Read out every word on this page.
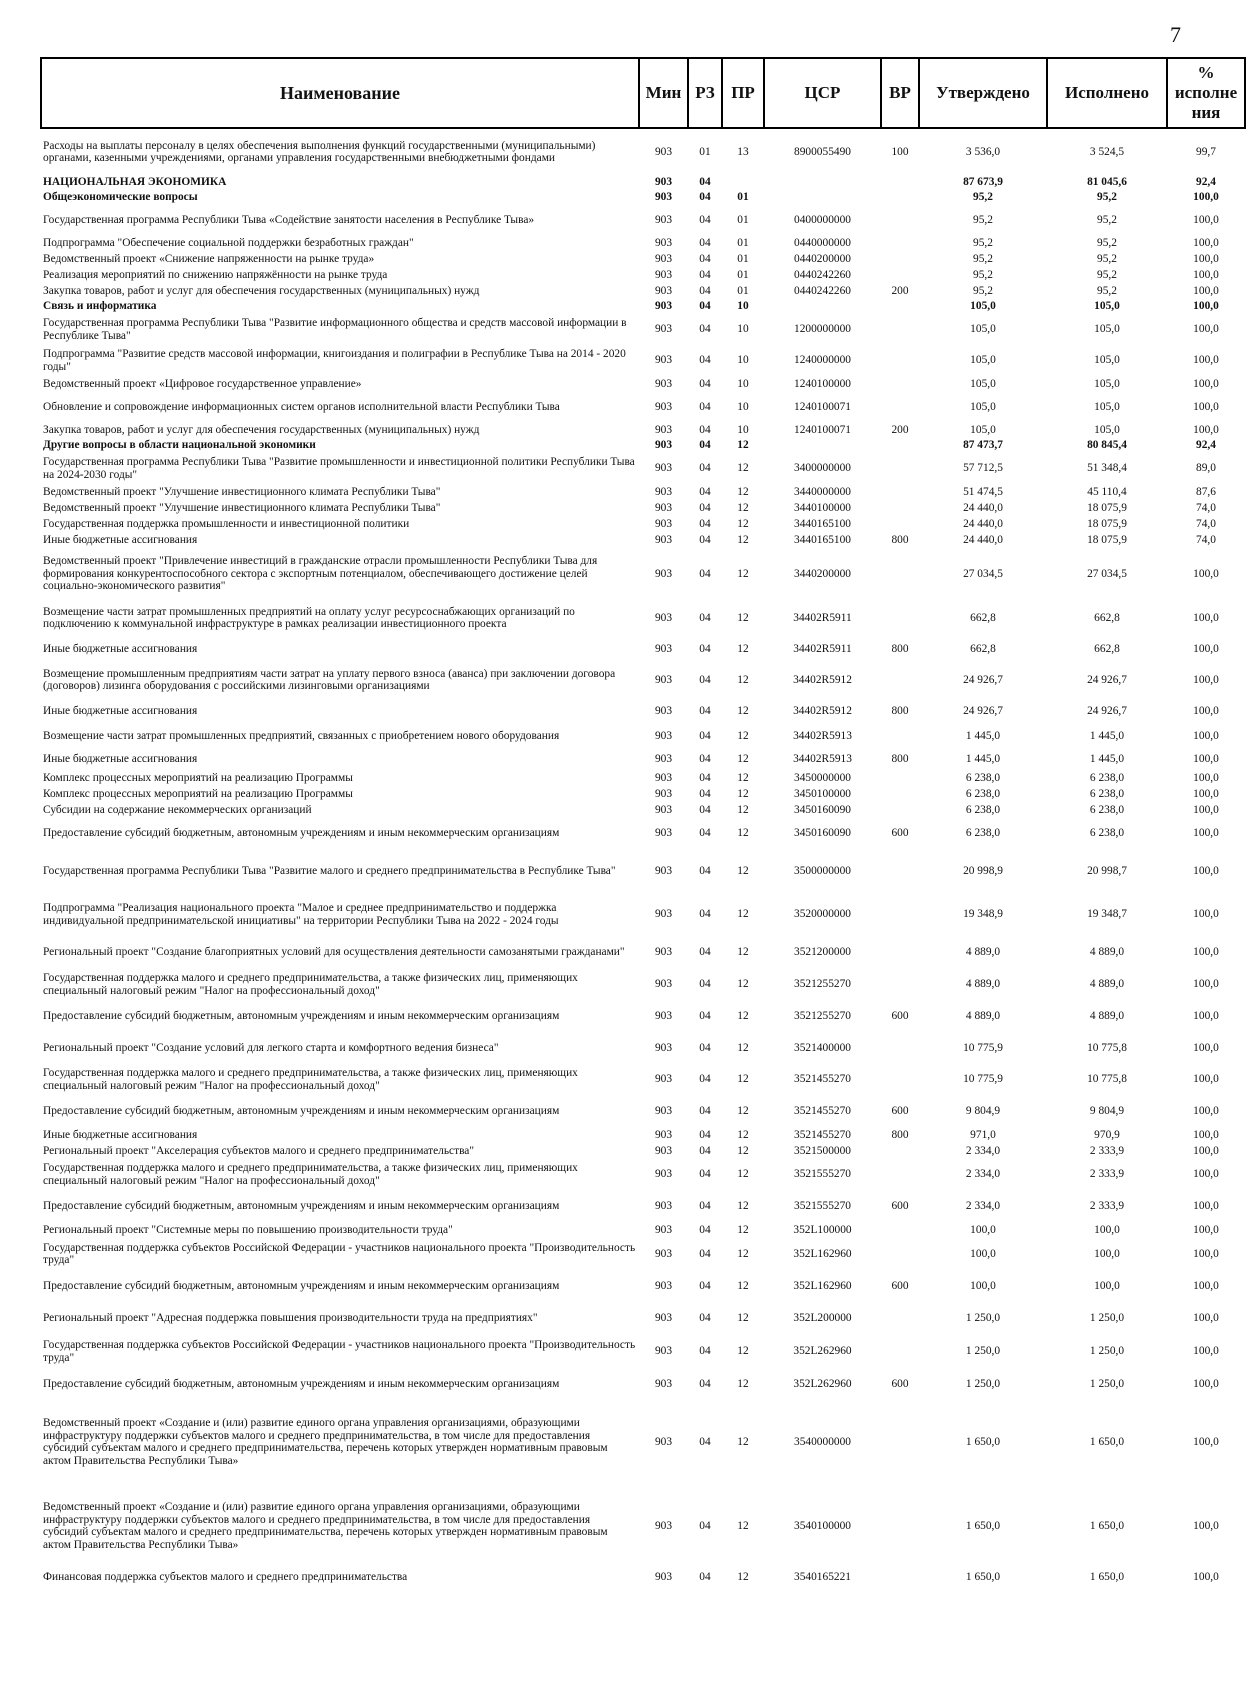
7
Наименование	Мин	РЗ	ПР	ЦСР	ВР	Утверждено	Исполнено	% исполне ния
Расходы на выплаты персоналу в целях обеспечения выполнения функций государственными (муниципальными) органами, казенными учреждениями, органами управления государственными внебюджетными фондами	903	01	13	8900055490	100	3 536,0	3 524,5	99,7
НАЦИОНАЛЬНАЯ ЭКОНОМИКА	903	04				87 673,9	81 045,6	92,4
Общеэкономические вопросы	903	04	01			95,2	95,2	100,0
Государственная программа Республики Тыва «Содействие занятости населения в Республике Тыва»	903	04	01	0400000000		95,2	95,2	100,0
Подпрограмма "Обеспечение социальной поддержки безработных граждан"	903	04	01	0440000000		95,2	95,2	100,0
Ведомственный проект «Снижение напряженности на рынке труда»	903	04	01	0440200000		95,2	95,2	100,0
Реализация мероприятий по снижению напряжённости на рынке труда	903	04	01	0440242260		95,2	95,2	100,0
Закупка товаров, работ и услуг для обеспечения государственных (муниципальных) нужд	903	04	01	0440242260	200	95,2	95,2	100,0
Связь и информатика	903	04	10			105,0	105,0	100,0
Государственная программа Республики Тыва "Развитие информационного общества и средств массовой информации в Республике Тыва"	903	04	10	1200000000		105,0	105,0	100,0
Подпрограмма "Развитие средств массовой информации, книгоиздания и полиграфии в Республике Тыва на 2014 - 2020 годы"	903	04	10	1240000000		105,0	105,0	100,0
Ведомственный проект «Цифровое государственное управление»	903	04	10	1240100000		105,0	105,0	100,0
Обновление и сопровождение информационных систем органов исполнительной власти Республики Тыва	903	04	10	1240100071		105,0	105,0	100,0
Закупка товаров, работ и услуг для обеспечения государственных (муниципальных) нужд	903	04	10	1240100071	200	105,0	105,0	100,0
Другие вопросы в области национальной экономики	903	04	12			87 473,7	80 845,4	92,4
Государственная программа Республики Тыва "Развитие промышленности и инвестиционной политики Республики Тыва на 2024-2030 годы"	903	04	12	3400000000		57 712,5	51 348,4	89,0
Ведомственный проект "Улучшение инвестиционного климата Республики Тыва"	903	04	12	3440000000		51 474,5	45 110,4	87,6
Ведомственный проект "Улучшение инвестиционного климата Республики Тыва"	903	04	12	3440100000		24 440,0	18 075,9	74,0
Государственная поддержка промышленности и инвестиционной политики	903	04	12	3440165100		24 440,0	18 075,9	74,0
Иные бюджетные ассигнования	903	04	12	3440165100	800	24 440,0	18 075,9	74,0
Ведомственный проект "Привлечение инвестиций в гражданские отрасли промышленности Республики Тыва для формирования конкурентоспособного сектора с экспортным потенциалом, обеспечивающего достижение целей социально-экономического развития"	903	04	12	3440200000		27 034,5	27 034,5	100,0
Возмещение части затрат промышленных предприятий на оплату услуг ресурсоснабжающих организаций по подключению к коммунальной инфраструктуре в рамках реализации инвестиционного проекта	903	04	12	34402R5911		662,8	662,8	100,0
Иные бюджетные ассигнования	903	04	12	34402R5911	800	662,8	662,8	100,0
Возмещение промышленным предприятиям части затрат на уплату первого взноса (аванса) при заключении договора (договоров) лизинга оборудования с российскими лизинговыми организациями	903	04	12	34402R5912		24 926,7	24 926,7	100,0
Иные бюджетные ассигнования	903	04	12	34402R5912	800	24 926,7	24 926,7	100,0
Возмещение части затрат промышленных предприятий, связанных с приобретением нового оборудования	903	04	12	34402R5913		1 445,0	1 445,0	100,0
Иные бюджетные ассигнования	903	04	12	34402R5913	800	1 445,0	1 445,0	100,0
Комплекс процессных мероприятий на реализацию Программы	903	04	12	3450000000		6 238,0	6 238,0	100,0
Комплекс процессных мероприятий на реализацию Программы	903	04	12	3450100000		6 238,0	6 238,0	100,0
Субсидии на содержание некоммерческих организаций	903	04	12	3450160090		6 238,0	6 238,0	100,0
Предоставление субсидий бюджетным, автономным учреждениям и иным некоммерческим организациям	903	04	12	3450160090	600	6 238,0	6 238,0	100,0
Государственная программа Республики Тыва "Развитие малого и среднего предпринимательства в Республике Тыва"	903	04	12	3500000000		20 998,9	20 998,7	100,0
Подпрограмма "Реализация национального проекта "Малое и среднее предпринимательство и поддержка индивидуальной предпринимательской инициативы" на территории Республики Тыва на 2022 - 2024 годы	903	04	12	3520000000		19 348,9	19 348,7	100,0
Региональный проект "Создание благоприятных условий для осуществления деятельности самозанятыми гражданами"	903	04	12	3521200000		4 889,0	4 889,0	100,0
Государственная поддержка малого и среднего предпринимательства, а также физических лиц, применяющих специальный налоговый режим "Налог на профессиональный доход"	903	04	12	3521255270		4 889,0	4 889,0	100,0
Предоставление субсидий бюджетным, автономным учреждениям и иным некоммерческим организациям	903	04	12	3521255270	600	4 889,0	4 889,0	100,0
Региональный проект "Создание условий для легкого старта и комфортного ведения бизнеса"	903	04	12	3521400000		10 775,9	10 775,8	100,0
Государственная поддержка малого и среднего предпринимательства, а также физических лиц, применяющих специальный налоговый режим "Налог на профессиональный доход"	903	04	12	3521455270		10 775,9	10 775,8	100,0
Предоставление субсидий бюджетным, автономным учреждениям и иным некоммерческим организациям	903	04	12	3521455270	600	9 804,9	9 804,9	100,0
Иные бюджетные ассигнования	903	04	12	3521455270	800	971,0	970,9	100,0
Региональный проект "Акселерация субъектов малого и среднего предпринимательства"	903	04	12	3521500000		2 334,0	2 333,9	100,0
Государственная поддержка малого и среднего предпринимательства, а также физических лиц, применяющих специальный налоговый режим "Налог на профессиональный доход"	903	04	12	3521555270		2 334,0	2 333,9	100,0
Предоставление субсидий бюджетным, автономным учреждениям и иным некоммерческим организациям	903	04	12	3521555270	600	2 334,0	2 333,9	100,0
Региональный проект "Системные меры по повышению производительности труда"	903	04	12	352L100000		100,0	100,0	100,0
Государственная поддержка субъектов Российской Федерации - участников национального проекта "Производительность труда"	903	04	12	352L162960		100,0	100,0	100,0
Предоставление субсидий бюджетным, автономным учреждениям и иным некоммерческим организациям	903	04	12	352L162960	600	100,0	100,0	100,0
Региональный проект "Адресная поддержка повышения производительности труда на предприятиях"	903	04	12	352L200000		1 250,0	1 250,0	100,0
Государственная поддержка субъектов Российской Федерации - участников национального проекта "Производительность труда"	903	04	12	352L262960		1 250,0	1 250,0	100,0
Предоставление субсидий бюджетным, автономным учреждениям и иным некоммерческим организациям	903	04	12	352L262960	600	1 250,0	1 250,0	100,0
Ведомственный проект «Создание и (или) развитие единого органа управления организациями, образующими инфраструктуру поддержки субъектов малого и среднего предпринимательства, в том числе для предоставления субсидий субъектам малого и среднего предпринимательства, перечень которых утвержден нормативным правовым актом Правительства Республики Тыва»	903	04	12	3540000000		1 650,0	1 650,0	100,0
Ведомственный проект «Создание и (или) развитие единого органа управления организациями, образующими инфраструктуру поддержки субъектов малого и среднего предпринимательства, в том числе для предоставления субсидий субъектам малого и среднего предпринимательства, перечень которых утвержден нормативным правовым актом Правительства Республики Тыва»	903	04	12	3540100000		1 650,0	1 650,0	100,0
Финансовая поддержка субъектов малого и среднего предпринимательства	903	04	12	3540165221		1 650,0	1 650,0	100,0
